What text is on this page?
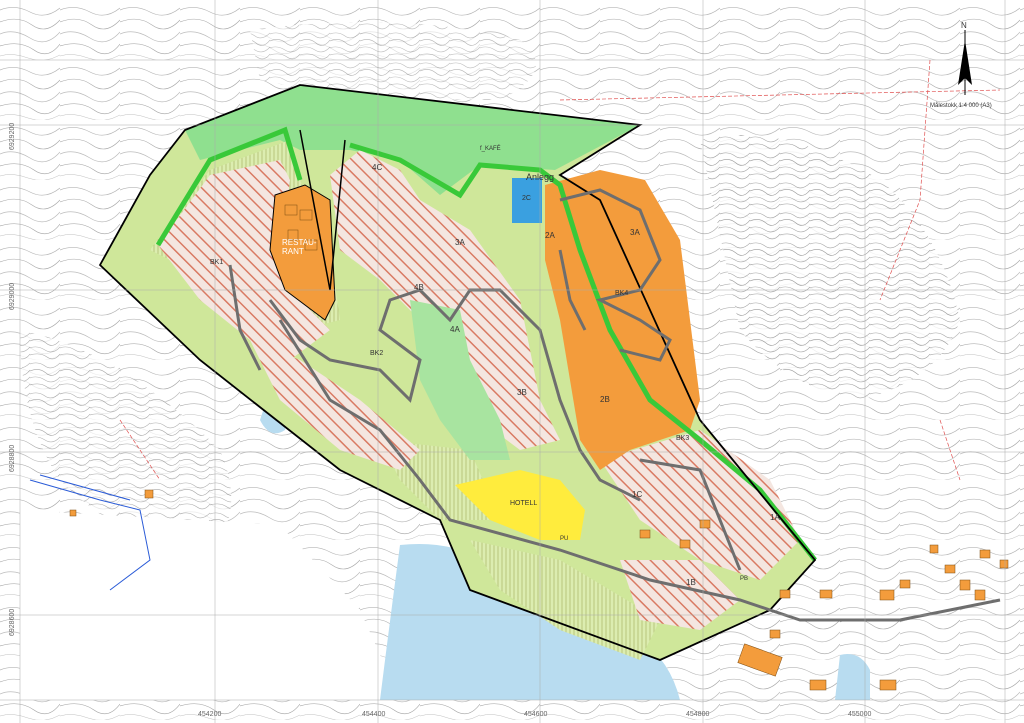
454200	454400	454600	454800	455000
6929200
6929000
6928800
6928600
N
Målestokk 1:4 000 (A3)
Anlegg
RESTAU-RANT
2C
3A
2B
2A
3A
3B
4A
4B
4C
1A
1B
1C
BK1
BK2
BK3
BK4
HOTELL
f_KAFÉ
PU
PB
